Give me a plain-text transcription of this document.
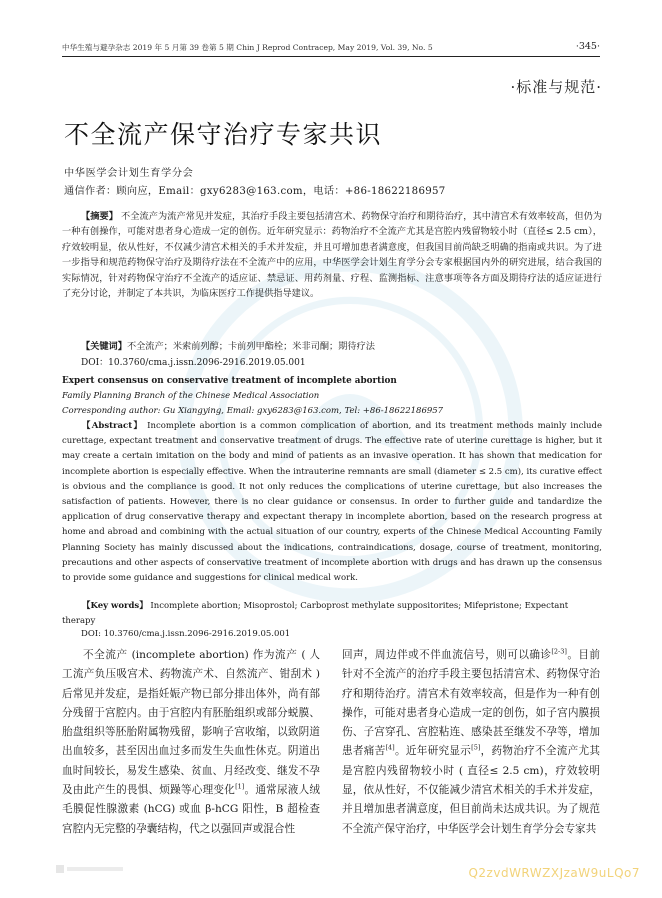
中华生殖与避孕杂志 2019 年 5 月第 39 卷第 5 期 Chin J Reprod Contracep, May 2019, Vol. 39, No. 5	·345·
·标准与规范·
不全流产保守治疗专家共识
中华医学会计划生育学分会
通信作者：顾向应，Email：gxy6283@163.com，电话：+86-18622186957
【摘要】 不全流产为流产常见并发症，其治疗手段主要包括清宫术、药物保守治疗和期待治疗，其中清宫术有效率较高，但仍为一种有创操作，可能对患者身心造成一定的创伤。近年研究显示：药物治疗不全流产尤其是宫腔内残留物较小时（直径≤ 2.5 cm），疗效较明显，依从性好，不仅减少清宫术相关的手术并发症，并且可增加患者满意度，但我国目前尚缺乏明确的指南或共识。为了进一步指导和规范药物保守治疗及期待疗法在不全流产中的应用，中华医学会计划生育学分会专家根据国内外的研究进展，结合我国的实际情况，针对药物保守治疗不全流产的适应证、禁忌证、用药剂量、疗程、监测指标、注意事项等各方面及期待疗法的适应证进行了充分讨论，并制定了本共识，为临床医疗工作提供指导建议。
【关键词】不全流产；米索前列醇；卡前列甲酯栓；米非司酮；期待疗法
DOI：10.3760/cma.j.issn.2096-2916.2019.05.001
Expert consensus on conservative treatment of incomplete abortion
Family Planning Branch of the Chinese Medical Association
Corresponding author: Gu Xiangying, Email: gxy6283@163.com, Tel: +86-18622186957
【Abstract】 Incomplete abortion is a common complication of abortion, and its treatment methods mainly include curettage, expectant treatment and conservative treatment of drugs. The effective rate of uterine curettage is higher, but it may create a certain imitation on the body and mind of patients as an invasive operation. It has shown that medication for incomplete abortion is especially effective. When the intrauterine remnants are small (diameter ≤ 2.5 cm), its curative effect is obvious and the compliance is good. It not only reduces the complications of uterine curettage, but also increases the satisfaction of patients. However, there is no clear guidance or consensus. In order to further guide and tandardize the application of drug conservative therapy and expectant therapy in incomplete abortion, based on the research progress at home and abroad and combining with the actual situation of our country, experts of the Chinese Medical Accounting Family Planning Society has mainly discussed about the indications, contraindications, dosage, course of treatment, monitoring, precautions and other aspects of conservative treatment of incomplete abortion with drugs and has drawn up the consensus to provide some guidance and suggestions for clinical medical work.
【Key words】 Incomplete abortion; Misoprostol; Carboprost methylate suppositorites; Mifepristone; Expectant therapy
DOI: 10.3760/cma.j.issn.2096-2916.2019.05.001
不全流产 (incomplete abortion) 作为流产 ( 人工流产负压吸宫术、药物流产术、自然流产、钳刮术 ) 后常见并发症，是指妊娠产物已部分排出体外，尚有部分残留于宫腔内。由于宫腔内有胚胎组织或部分蜕膜、胎盘组织等胚胎附属物残留，影响子宫收缩，以致阴道出血较多，甚至因出血过多而发生失血性休克。阴道出血时间较长，易发生感染、贫血、月经改变、继发不孕及由此产生的畏惧、烦躁等心理变化[1]。通常尿液人绒毛膜促性腺激素 (hCG) 或血 β-hCG 阳性，B 超检查宫腔内无完整的孕囊结构，代之以强回声或混合性
回声，周边伴或不伴血流信号，则可以确诊[2-3]。目前针对不全流产的治疗手段主要包括清宫术、药物保守治疗和期待治疗。清宫术有效率较高，但是作为一种有创操作，可能对患者身心造成一定的创伤，如子宫内膜损伤、子宫穿孔、宫腔粘连、感染甚至继发不孕等，增加患者痛苦[4]。近年研究显示[5]，药物治疗不全流产尤其是宫腔内残留物较小时 ( 直径≤ 2.5 cm)，疗效较明显，依从性好，不仅能减少清宫术相关的手术并发症，并且增加患者满意度，但目前尚未达成共识。为了规范不全流产保守治疗，中华医学会计划生育学分会专家共
Q2zvdWRWZXJzaW9uLQo7
